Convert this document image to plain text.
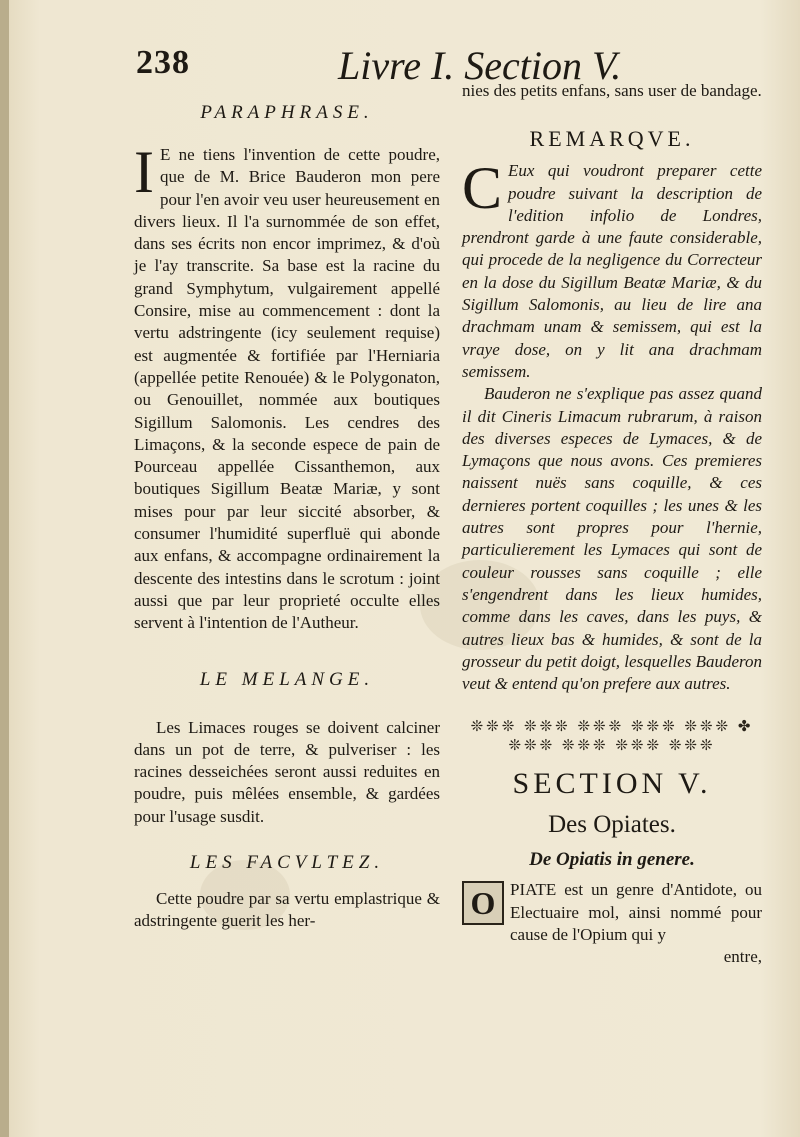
238	Livre I. Section V.

PARAPHRASE.

I E ne tiens l'invention de cette poudre, que de M. Brice Bauderon mon pere pour l'en avoir veu user heureusement en divers lieux. Il l'a surnommée de son effet, dans ses écrits non encor imprimez, & d'où je l'ay transcrite. Sa base est la racine du grand Symphytum, vulgairement appellé Consire, mise au commencement : dont la vertu adstringente (icy seulement requise) est augmentée & fortifiée par l'Herniaria (appellée petite Renouée) & le Polygonaton, ou Genouillet, nommée aux boutiques Sigillum Salomonis. Les cendres des Limaçons, & la seconde espece de pain de Pourceau appellée Cissanthemon, aux boutiques Sigillum Beatæ Mariæ, y sont mises pour par leur siccité absorber, & consumer l'humidité superfluë qui abonde aux enfans, & accompagne ordinairement la descente des intestins dans le scrotum : joint aussi que par leur proprieté occulte elles servent à l'intention de l'Autheur.

LE MELANGE.

Les Limaces rouges se doivent calciner dans un pot de terre, & pulveriser : les racines desseichées seront aussi reduites en poudre, puis mêlées ensemble, & gardées pour l'usage susdit.

LES FACVLTEZ.

Cette poudre par sa vertu emplastrique & adstringente guerit les her-

nies des petits enfans, sans user de bandage.

REMARQVE.

C Eux qui voudront preparer cette poudre suivant la description de l'edition infolio de Londres, prendront garde à une faute considerable, qui procede de la negligence du Correcteur en la dose du Sigillum Beatæ Mariæ, & du Sigillum Salomonis, au lieu de lire ana drachmam unam & semissem, qui est la vraye dose, on y lit ana drachmam semissem.

Bauderon ne s'explique pas assez quand il dit Cineris Limacum rubrarum, à raison des diverses especes de Lymaces, & de Lymaçons que nous avons. Ces premieres naissent nuës sans coquille, & ces dernieres portent coquilles ; les unes & les autres sont propres pour l'hernie, particulierement les Lymaces qui sont de couleur rousses sans coquille ; elle s'engendrent dans les lieux humides, comme dans les caves, dans les puys, & autres lieux bas & humides, & sont de la grosseur du petit doigt, lesquelles Bauderon veut & entend qu'on prefere aux autres.

❊❊❊ ❊❊❊ ❊❊❊ ❊❊❊ ❊❊❊ ✤ ❊❊❊ ❊❊❊ ❊❊❊ ❊❊❊

SECTION V.

Des Opiates.

De Opiatis in genere.

O PIATE est un genre d'Antidote, ou Electuaire mol, ainsi nommé pour cause de l'Opium qui y

entre,
